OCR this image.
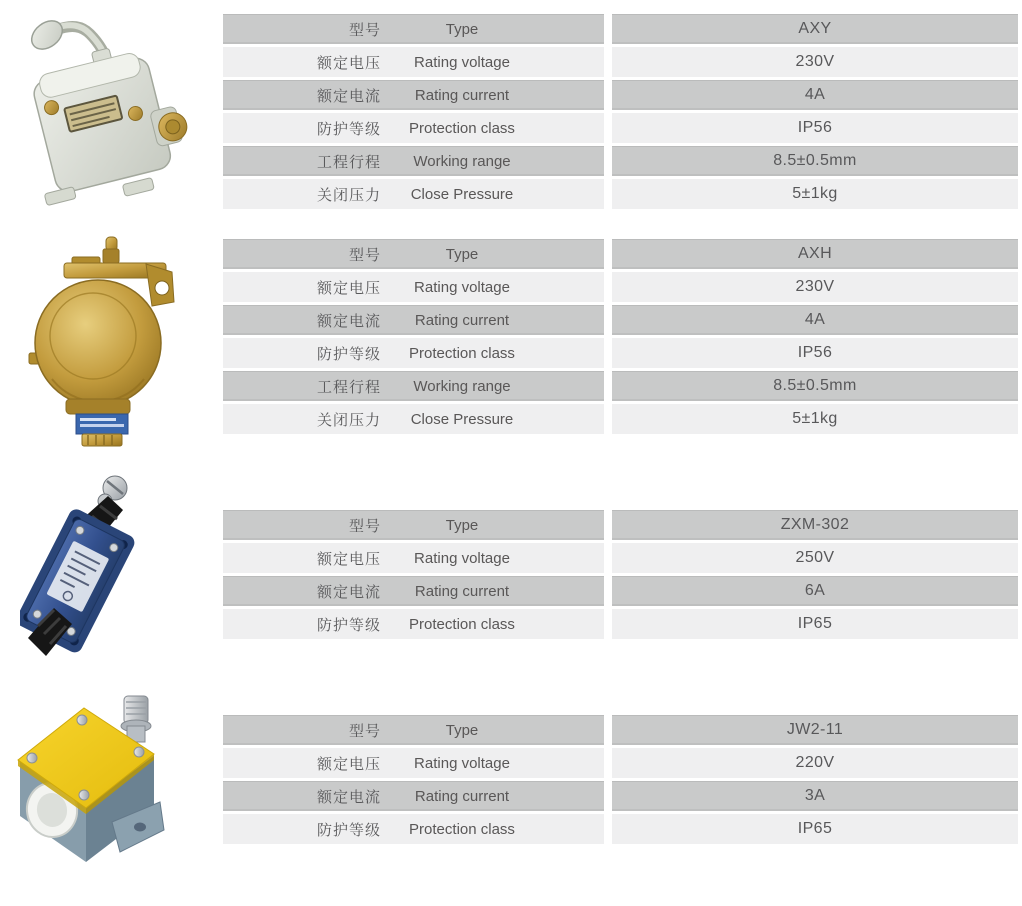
型号	Type	AXY
额定电压	Rating voltage	230V
额定电流	Rating current	4A
防护等级	Protection class	IP56
工程行程	Working range	8.5±0.5mm
关闭压力	Close Pressure	5±1kg
型号	Type	AXH
额定电压	Rating voltage	230V
额定电流	Rating current	4A
防护等级	Protection class	IP56
工程行程	Working range	8.5±0.5mm
关闭压力	Close Pressure	5±1kg
型号	Type	ZXM-302
额定电压	Rating voltage	250V
额定电流	Rating current	6A
防护等级	Protection class	IP65
型号	Type	JW2-11
额定电压	Rating voltage	220V
额定电流	Rating current	3A
防护等级	Protection class	IP65
